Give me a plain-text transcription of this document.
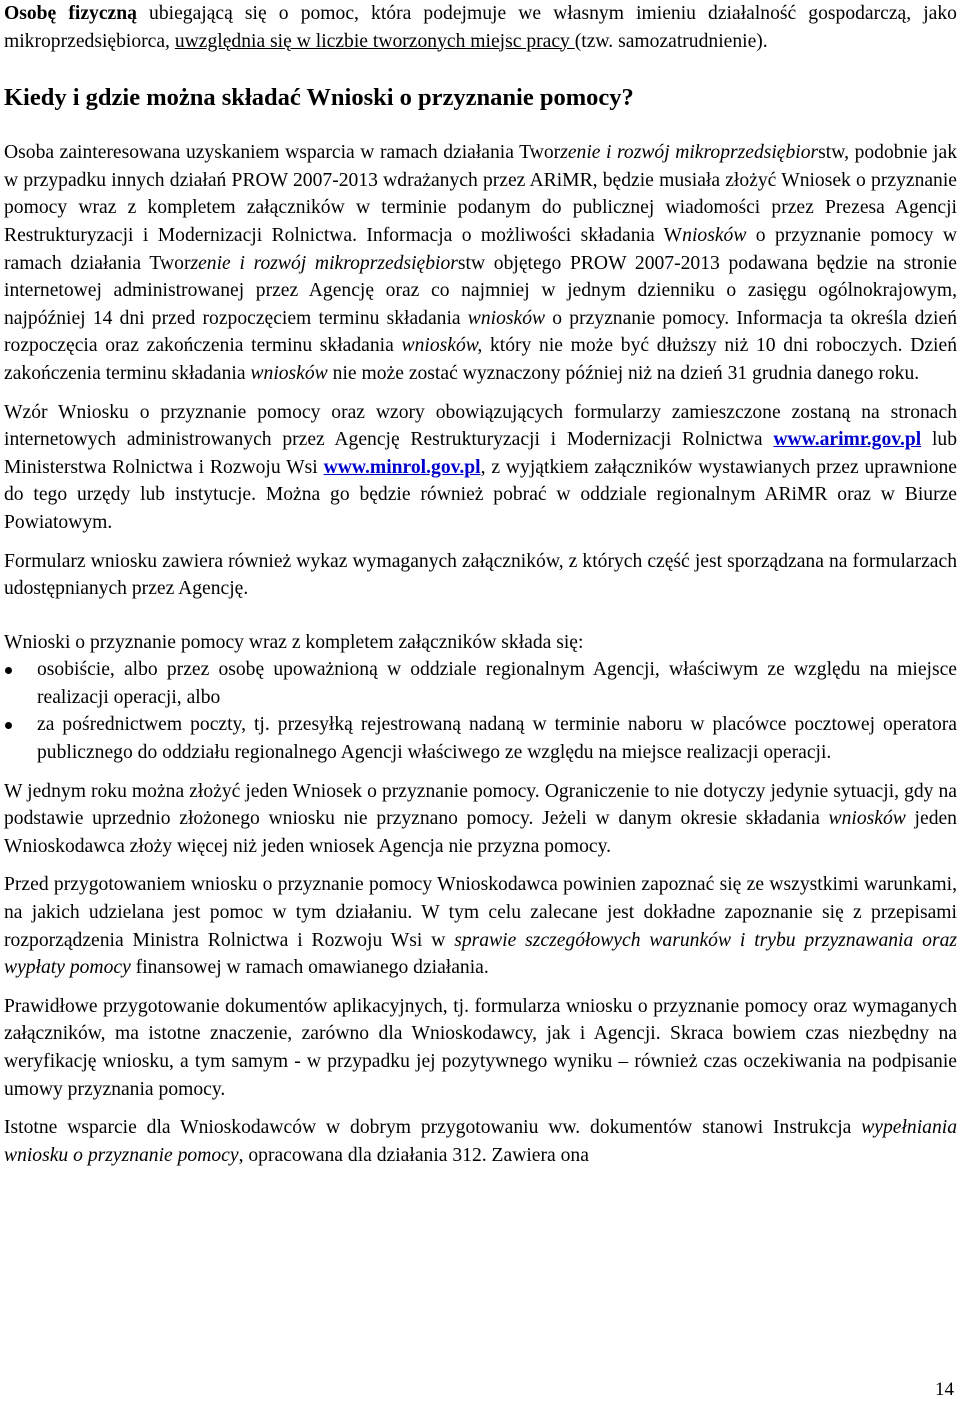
Osobę fizyczną ubiegającą się o pomoc, która podejmuje we własnym imieniu działalność gospodarczą, jako mikroprzedsiębiorca, uwzględnia się w liczbie tworzonych miejsc pracy (tzw. samozatrudnienie).

Kiedy i gdzie można składać Wnioski o przyznanie pomocy?

Osoba zainteresowana uzyskaniem wsparcia w ramach działania Tworzenie i rozwój mikroprzedsiębiorstw, podobnie jak w przypadku innych działań PROW 2007-2013 wdrażanych przez ARiMR, będzie musiała złożyć Wniosek o przyznanie pomocy wraz z kompletem załączników w terminie podanym do publicznej wiadomości przez Prezesa Agencji Restrukturyzacji i Modernizacji Rolnictwa. Informacja o możliwości składania Wniosków o przyznanie pomocy w ramach działania Tworzenie i rozwój mikroprzedsiębiorstw objętego PROW 2007-2013 podawana będzie na stronie internetowej administrowanej przez Agencję oraz co najmniej w jednym dzienniku o zasięgu ogólnokrajowym, najpóźniej 14 dni przed rozpoczęciem terminu składania wniosków o przyznanie pomocy. Informacja ta określa dzień rozpoczęcia oraz zakończenia terminu składania wniosków, który nie może być dłuższy niż 10 dni roboczych. Dzień zakończenia terminu składania wniosków nie może zostać wyznaczony później niż na dzień 31 grudnia danego roku.

Wzór Wniosku o przyznanie pomocy oraz wzory obowiązujących formularzy zamieszczone zostaną na stronach internetowych administrowanych przez Agencję Restrukturyzacji i Modernizacji Rolnictwa www.arimr.gov.pl lub Ministerstwa Rolnictwa i Rozwoju Wsi www.minrol.gov.pl, z wyjątkiem załączników wystawianych przez uprawnione do tego urzędy lub instytucje. Można go będzie również pobrać w oddziale regionalnym ARiMR oraz w Biurze Powiatowym.

Formularz wniosku zawiera również wykaz wymaganych załączników, z których część jest sporządzana na formularzach udostępnianych przez Agencję.

Wnioski o przyznanie pomocy wraz z kompletem załączników składa się:

osobiście, albo przez osobę upoważnioną w oddziale regionalnym Agencji, właściwym ze względu na miejsce realizacji operacji, albo
za pośrednictwem poczty, tj. przesyłką rejestrowaną nadaną w terminie naboru w placówce pocztowej operatora publicznego do oddziału regionalnego Agencji właściwego ze względu na miejsce realizacji operacji.

W jednym roku można złożyć jeden Wniosek o przyznanie pomocy. Ograniczenie to nie dotyczy jedynie sytuacji, gdy na podstawie uprzednio złożonego wniosku nie przyznano pomocy. Jeżeli w danym okresie składania wniosków jeden Wnioskodawca złoży więcej niż jeden wniosek Agencja nie przyzna pomocy.

Przed przygotowaniem wniosku o przyznanie pomocy Wnioskodawca powinien zapoznać się ze wszystkimi warunkami, na jakich udzielana jest pomoc w tym działaniu. W tym celu zalecane jest dokładne zapoznanie się z przepisami rozporządzenia Ministra Rolnictwa i Rozwoju Wsi w sprawie szczegółowych warunków i trybu przyznawania oraz wypłaty pomocy finansowej w ramach omawianego działania.

Prawidłowe przygotowanie dokumentów aplikacyjnych, tj. formularza wniosku o przyznanie pomocy oraz wymaganych załączników, ma istotne znaczenie, zarówno dla Wnioskodawcy, jak i Agencji. Skraca bowiem czas niezbędny na weryfikację wniosku, a tym samym - w przypadku jej pozytywnego wyniku – również czas oczekiwania na podpisanie umowy przyznania pomocy.

Istotne wsparcie dla Wnioskodawców w dobrym przygotowaniu ww. dokumentów stanowi Instrukcja wypełniania wniosku o przyznanie pomocy, opracowana dla działania 312. Zawiera ona

14
